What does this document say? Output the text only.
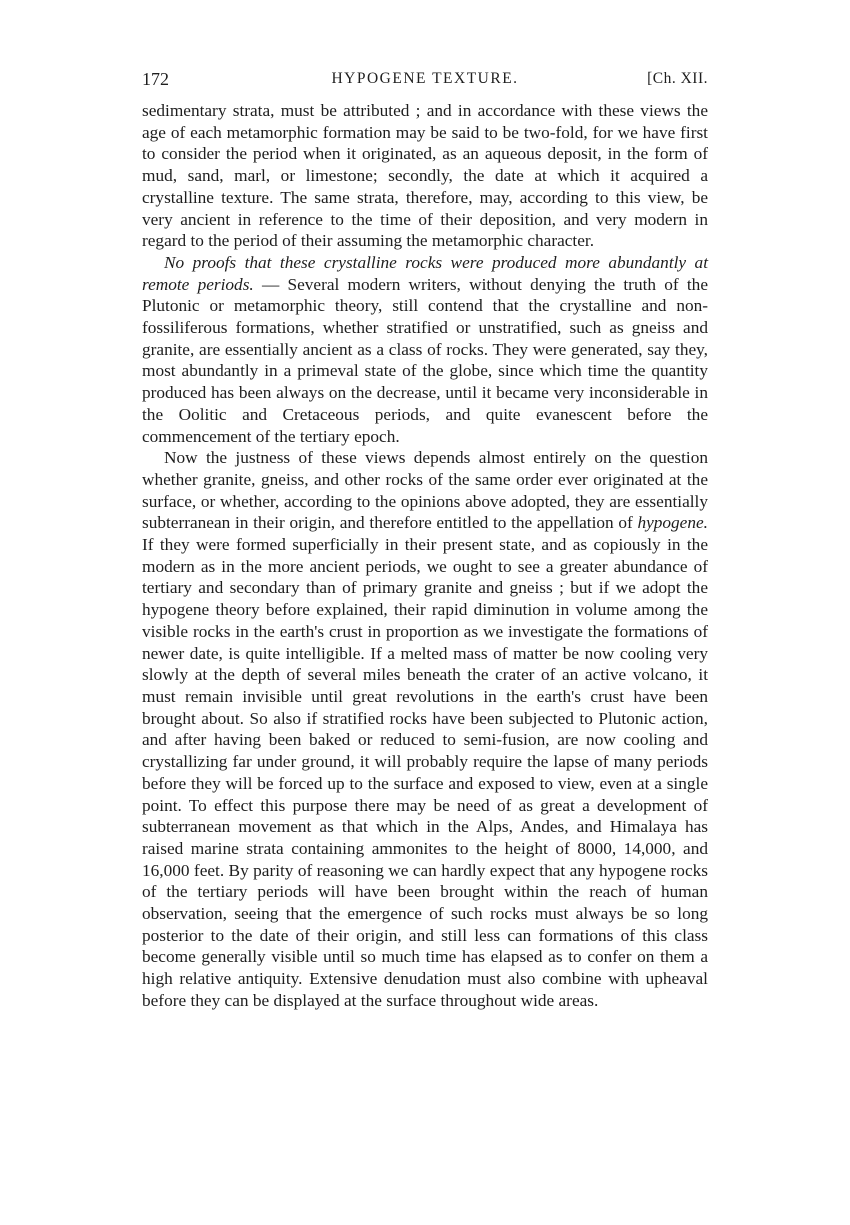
172	HYPOGENE TEXTURE.	[Ch. XII.

sedimentary strata, must be attributed ; and in accordance with these views the age of each metamorphic formation may be said to be two-fold, for we have first to consider the period when it originated, as an aqueous deposit, in the form of mud, sand, marl, or limestone; secondly, the date at which it acquired a crystalline texture. The same strata, therefore, may, according to this view, be very ancient in reference to the time of their deposition, and very modern in regard to the period of their assuming the metamorphic character.

No proofs that these crystalline rocks were produced more abundantly at remote periods. — Several modern writers, without denying the truth of the Plutonic or metamorphic theory, still contend that the crystalline and non-fossiliferous formations, whether stratified or unstratified, such as gneiss and granite, are essentially ancient as a class of rocks. They were generated, say they, most abundantly in a primeval state of the globe, since which time the quantity produced has been always on the decrease, until it became very inconsiderable in the Oolitic and Cretaceous periods, and quite evanescent before the commencement of the tertiary epoch.

Now the justness of these views depends almost entirely on the question whether granite, gneiss, and other rocks of the same order ever originated at the surface, or whether, according to the opinions above adopted, they are essentially subterranean in their origin, and therefore entitled to the appellation of hypogene. If they were formed superficially in their present state, and as copiously in the modern as in the more ancient periods, we ought to see a greater abundance of tertiary and secondary than of primary granite and gneiss ; but if we adopt the hypogene theory before explained, their rapid diminution in volume among the visible rocks in the earth's crust in proportion as we investigate the formations of newer date, is quite intelligible. If a melted mass of matter be now cooling very slowly at the depth of several miles beneath the crater of an active volcano, it must remain invisible until great revolutions in the earth's crust have been brought about. So also if stratified rocks have been subjected to Plutonic action, and after having been baked or reduced to semi-fusion, are now cooling and crystallizing far under ground, it will probably require the lapse of many periods before they will be forced up to the surface and exposed to view, even at a single point. To effect this purpose there may be need of as great a development of subterranean movement as that which in the Alps, Andes, and Himalaya has raised marine strata containing ammonites to the height of 8000, 14,000, and 16,000 feet. By parity of reasoning we can hardly expect that any hypogene rocks of the tertiary periods will have been brought within the reach of human observation, seeing that the emergence of such rocks must always be so long posterior to the date of their origin, and still less can formations of this class become generally visible until so much time has elapsed as to confer on them a high relative antiquity. Extensive denudation must also combine with upheaval before they can be displayed at the surface throughout wide areas.
